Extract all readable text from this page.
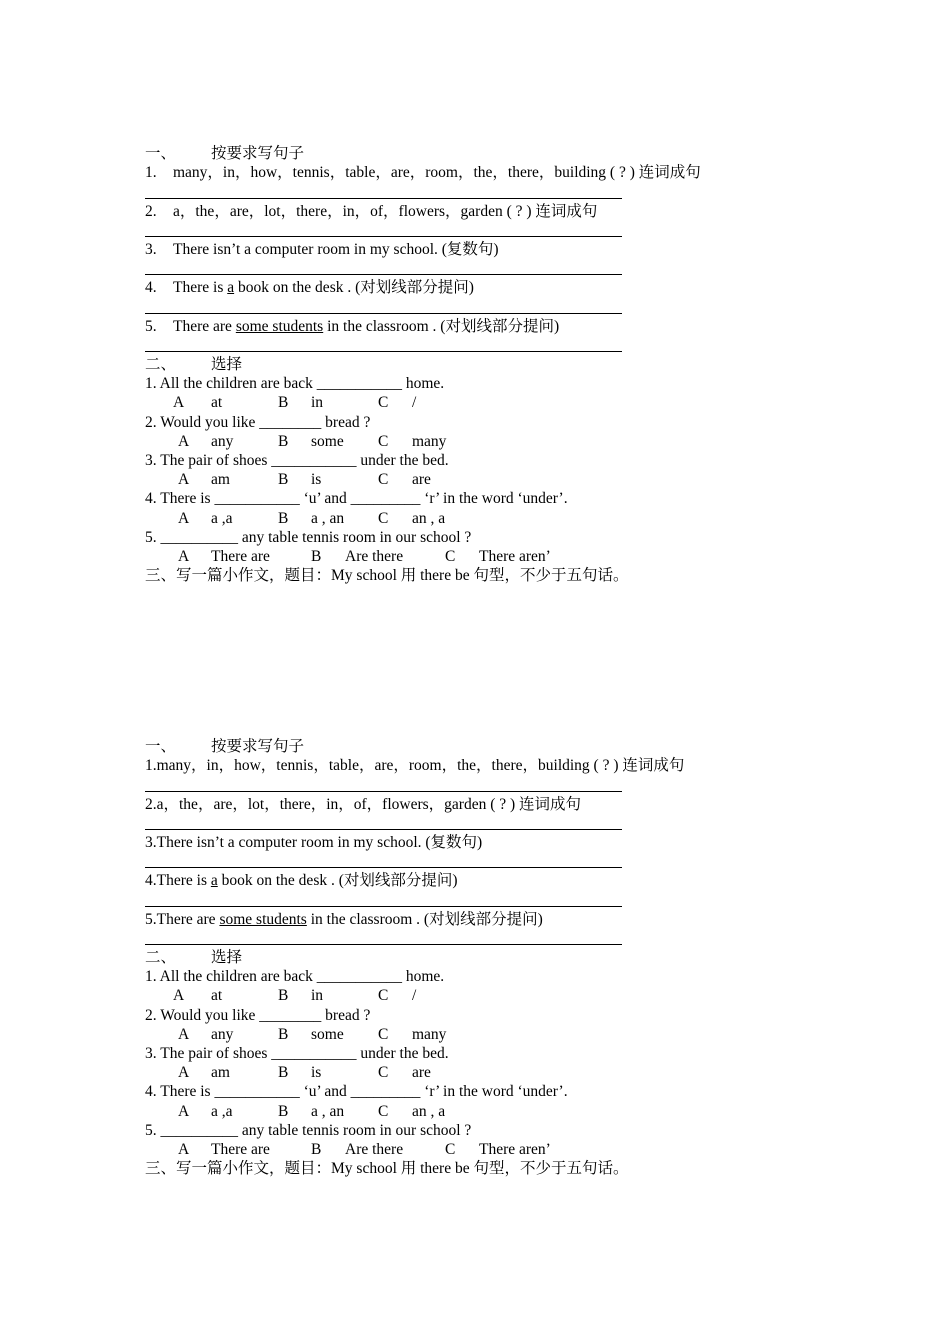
一、 按要求写句子
1. many，in，how，tennis，table，are，room，the，there，building ( ? ) 连词成句
2. a，the，are，lot，there，in，of，flowers，garden ( ? ) 连词成句
3. There isn’t a computer room in my school. (复数句)
4. There is a book on the desk . (对划线部分提问)
5. There are some students in the classroom . (对划线部分提问)
二、 选择
1. All the children are back ___________ home.
A at	B in	C /
2. Would you like ________ bread ?
A any	B some C many
3. The pair of shoes ___________ under the bed.
A am	B is	C are
4. There is ___________ ‘u’ and _________ ‘r’ in the word ‘under’.
A a ,a	B a , an C an , a
5. __________ any table tennis room in our school ?
A There are	B Are there	C There aren’
三、写一篇小作文，题目：My school 用 there be 句型，不少于五句话。
一、 按要求写句子
1.many，in，how，tennis，table，are，room，the，there，building ( ? ) 连词成句
2.a，the，are，lot，there，in，of，flowers，garden ( ? ) 连词成句
3.There isn’t a computer room in my school. (复数句)
4.There is a book on the desk . (对划线部分提问)
5.There are some students in the classroom . (对划线部分提问)
二、 选择
1. All the children are back ___________ home.
A at	B in	C /
2. Would you like ________ bread ?
A any	B some C many
3. The pair of shoes ___________ under the bed.
A am	B is	C are
4. There is ___________ ‘u’ and _________ ‘r’ in the word ‘under’.
A a ,a	B a , an C an , a
5. __________ any table tennis room in our school ?
A There are	B Are there	C There aren’
三、写一篇小作文，题目：My school 用 there be 句型，不少于五句话。
